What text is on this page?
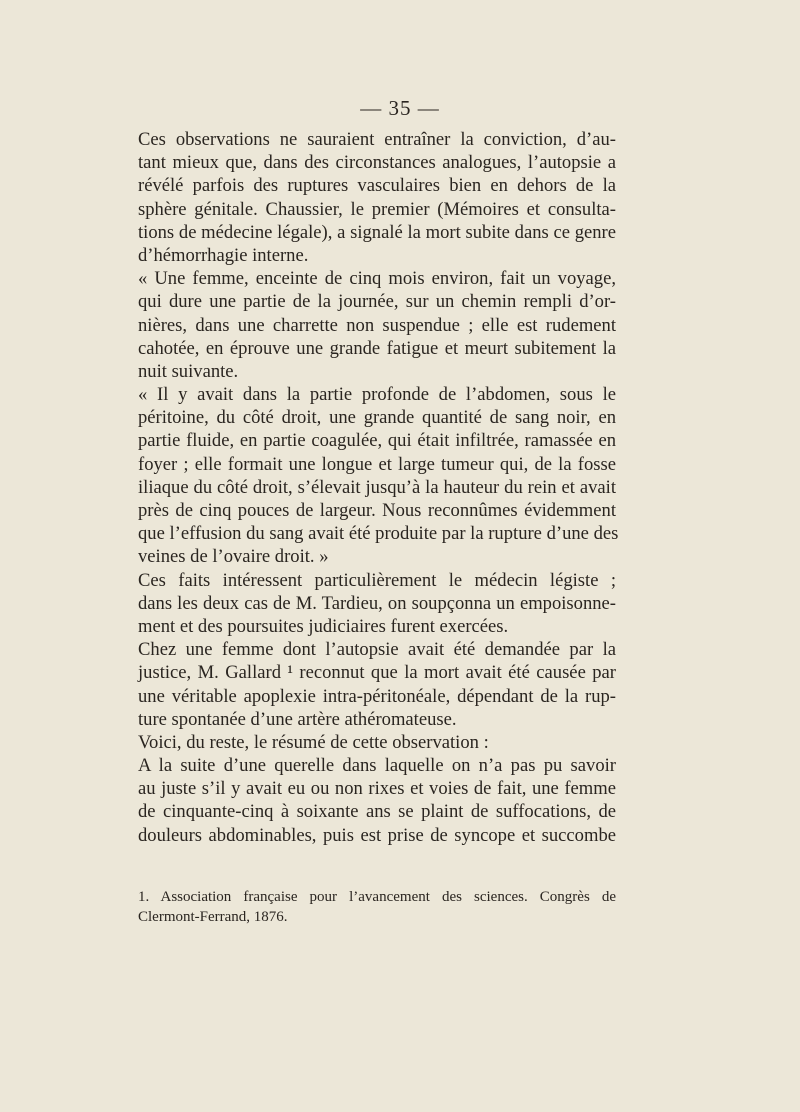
— 35 —
Ces observations ne sauraient entraîner la conviction, d’au-
tant mieux que, dans des circonstances analogues, l’autopsie a
révélé parfois des ruptures vasculaires bien en dehors de la
sphère génitale. Chaussier, le premier (Mémoires et consulta-
tions de médecine légale), a signalé la mort subite dans ce genre
d’hémorrhagie interne.
« Une femme, enceinte de cinq mois environ, fait un voyage,
qui dure une partie de la journée, sur un chemin rempli d’or-
nières, dans une charrette non suspendue ; elle est rudement
cahotée, en éprouve une grande fatigue et meurt subitement la
nuit suivante.
« Il y avait dans la partie profonde de l’abdomen, sous le
péritoine, du côté droit, une grande quantité de sang noir, en
partie fluide, en partie coagulée, qui était infiltrée, ramassée en
foyer ; elle formait une longue et large tumeur qui, de la fosse
iliaque du côté droit, s’élevait jusqu’à la hauteur du rein et avait
près de cinq pouces de largeur. Nous reconnûmes évidemment
que l’effusion du sang avait été produite par la rupture d’une des
veines de l’ovaire droit. »
Ces faits intéressent particulièrement le médecin légiste ;
dans les deux cas de M. Tardieu, on soupçonna un empoisonne-
ment et des poursuites judiciaires furent exercées.
Chez une femme dont l’autopsie avait été demandée par la
justice, M. Gallard ¹ reconnut que la mort avait été causée par
une véritable apoplexie intra-péritonéale, dépendant de la rup-
ture spontanée d’une artère athéromateuse.
Voici, du reste, le résumé de cette observation :
A la suite d’une querelle dans laquelle on n’a pas pu savoir
au juste s’il y avait eu ou non rixes et voies de fait, une femme
de cinquante-cinq à soixante ans se plaint de suffocations, de
douleurs abdominables, puis est prise de syncope et succombe
1. Association française pour l’avancement des sciences. Congrès de
Clermont-Ferrand, 1876.
